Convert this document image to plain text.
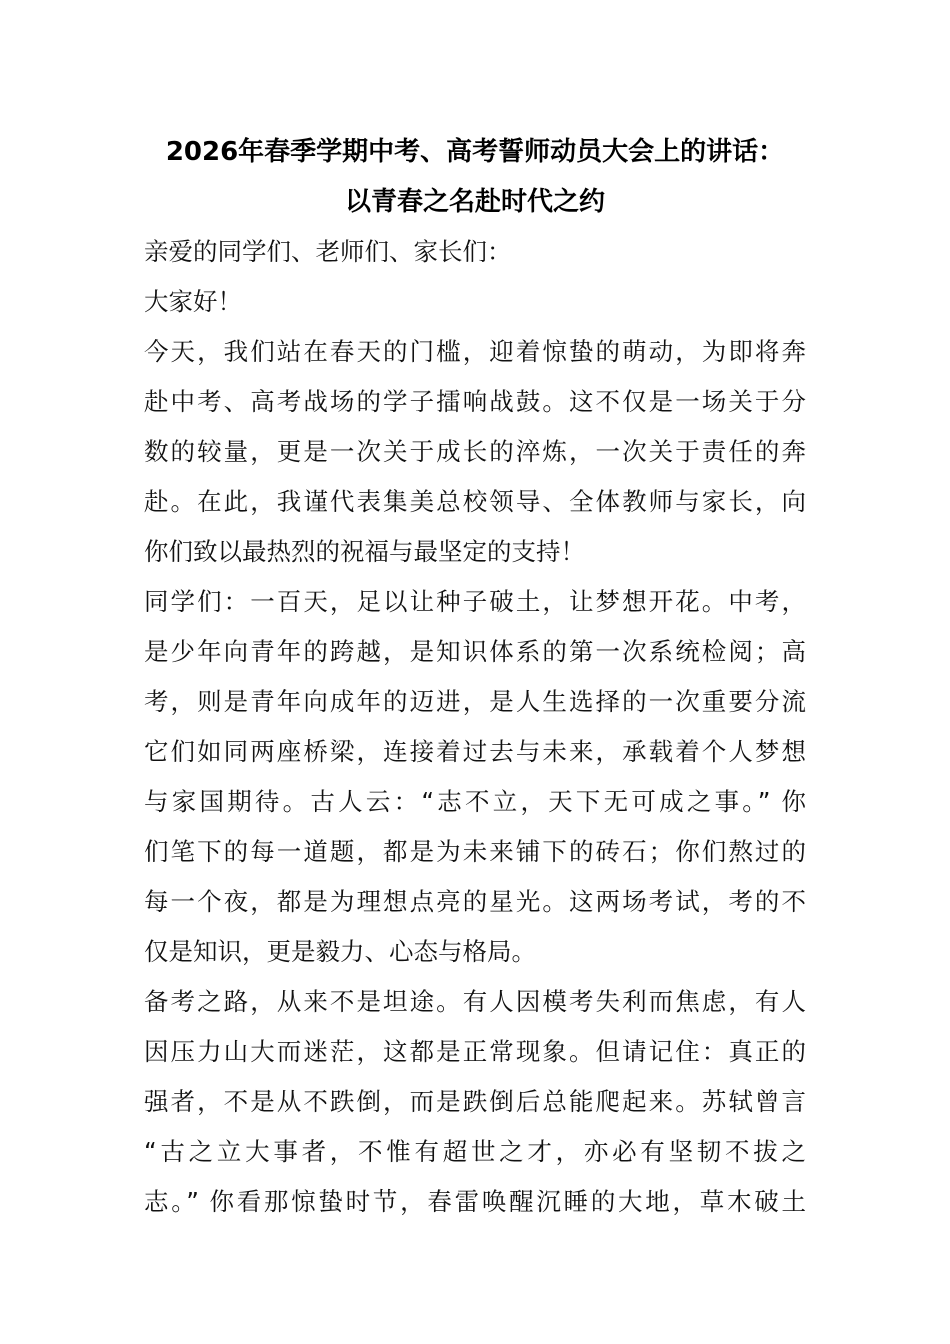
2026年春季学期中考、高考誓师动员大会上的讲话：
以青春之名赴时代之约
亲爱的同学们、老师们、家长们：
大家好！
今天，我们站在春天的门槛，迎着惊蛰的萌动，为即将奔
赴中考、高考战场的学子擂响战鼓。这不仅是一场关于分
数的较量，更是一次关于成长的淬炼，一次关于责任的奔
赴。在此，我谨代表集美总校领导、全体教师与家长，向
你们致以最热烈的祝福与最坚定的支持！
同学们：一百天，足以让种子破土，让梦想开花。中考，
是少年向青年的跨越，是知识体系的第一次系统检阅；高
考，则是青年向成年的迈进，是人生选择的一次重要分流
它们如同两座桥梁，连接着过去与未来，承载着个人梦想
与家国期待。古人云：“志不立，天下无可成之事。” 你
们笔下的每一道题，都是为未来铺下的砖石；你们熬过的
每一个夜，都是为理想点亮的星光。这两场考试，考的不
仅是知识，更是毅力、心态与格局。
备考之路，从来不是坦途。有人因模考失利而焦虑，有人
因压力山大而迷茫，这都是正常现象。但请记住：真正的
强者，不是从不跌倒，而是跌倒后总能爬起来。苏轼曾言
“古之立大事者，不惟有超世之才，亦必有坚韧不拔之
志。” 你看那惊蛰时节，春雷唤醒沉睡的大地，草木破土
